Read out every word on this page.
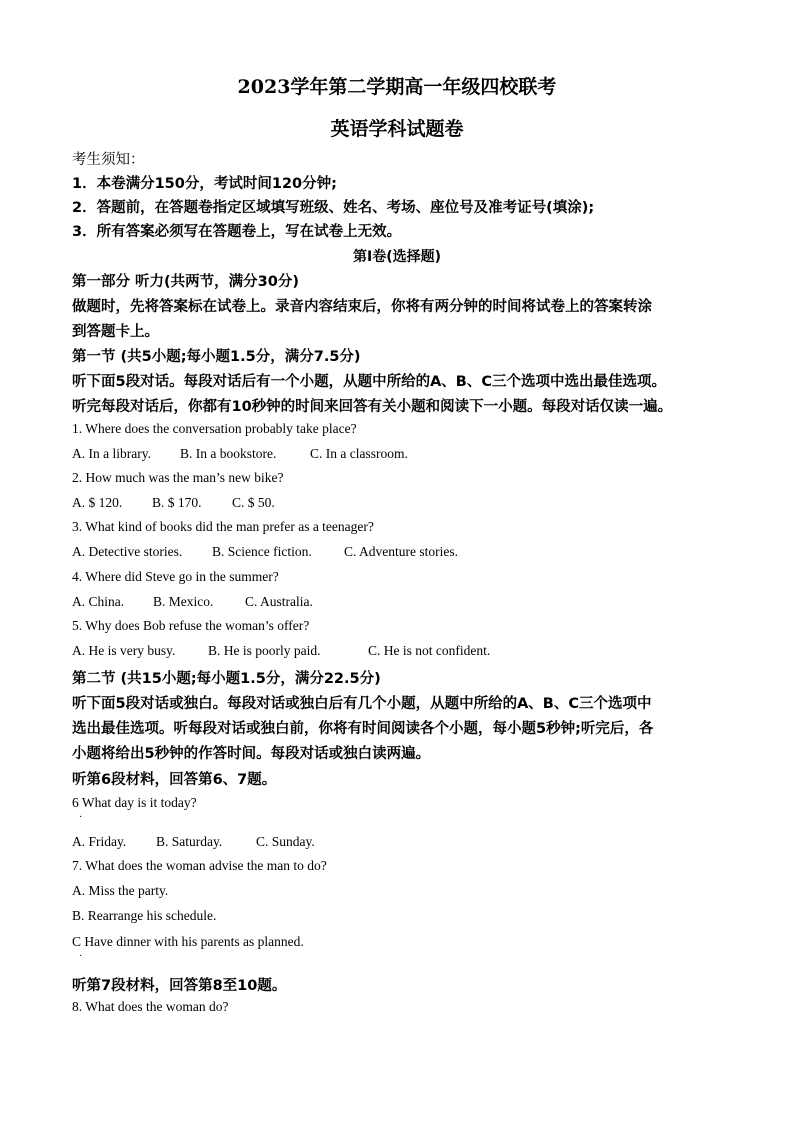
2023学年第二学期高一年级四校联考
英语学科试题卷
考生须知：
1．本卷满分150分，考试时间120分钟;
2．答题前，在答题卷指定区域填写班级、姓名、考场、座位号及准考证号(填涂);
3．所有答案必须写在答题卷上，写在试卷上无效。
第Ⅰ卷(选择题)
第一部分 听力(共两节，满分30分)
做题时，先将答案标在试卷上。录音内容结束后，你将有两分钟的时间将试卷上的答案转涂
到答题卡上。
第一节 (共5小题;每小题1.5分，满分7.5分)
听下面5段对话。每段对话后有一个小题，从题中所给的A、B、C三个选项中选出最佳选项。
听完每段对话后，你都有10秒钟的时间来回答有关小题和阅读下一小题。每段对话仅读一遍。
1. Where does the conversation probably take place?
A. In a library. B. In a bookstore. C. In a classroom.
2. How much was the man’s new bike?
A. $ 120. B. $ 170. C. $ 50.
3. What kind of books did the man prefer as a teenager?
A. Detective stories. B. Science fiction. C. Adventure stories.
4. Where did Steve go in the summer?
A. China. B. Mexico. C. Australia.
5. Why does Bob refuse the woman’s offer?
A. He is very busy. B. He is poorly paid.	C. He is not confident.
第二节 (共15小题;每小题1.5分，满分22.5分)
听下面5段对话或独白。每段对话或独白后有几个小题，从题中所给的A、B、C三个选项中
选出最佳选项。听每段对话或独白前，你将有时间阅读各个小题，每小题5秒钟;听完后，各
小题将给出5秒钟的作答时间。每段对话或独白读两遍。
听第6段材料，回答第6、7题。
6 What day is it today?
·
A. Friday. B. Saturday.	C. Sunday.
7. What does the woman advise the man to do?
A. Miss the party.
B. Rearrange his schedule.
C Have dinner with his parents as planned.
·
听第7段材料，回答第8至10题。
8. What does the woman do?
